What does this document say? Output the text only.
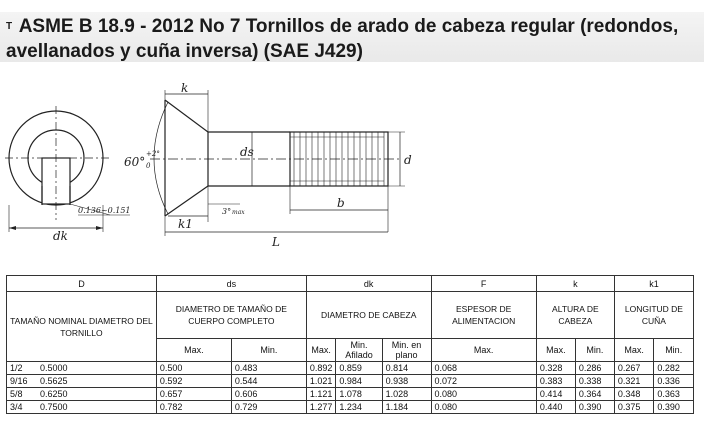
T ASME B 18.9 - 2012 No 7 Tornillos de arado de cabeza regular (redondos, avellanados y cuña inversa) (SAE J429)
k
60°
+2°
0
ds
d
b
0.136~0.151
dk
k1
3° max
L
D		ds		dk			F	k		k1	
TAMAÑO NOMINAL DIAMETRO DEL TORNILLO		DIAMETRO DE TAMAÑO DE CUERPO COMPLETO		DIAMETRO DE CABEZA			ESPESOR DE ALIMENTACION	ALTURA DE CABEZA		LONGITUD DE CUÑA	
		Max.	Min.	Max.	Min. Afilado	Min. en plano	Max.	Max.	Min.	Max.	Min.
1/2	0.5000	0.500	0.483	0.892	0.859	0.814	0.068	0.328	0.286	0.267	0.282
9/16	0.5625	0.592	0.544	1.021	0.984	0.938	0.072	0.383	0.338	0.321	0.336
5/8	0.6250	0.657	0.606	1.121	1.078	1.028	0.080	0.414	0.364	0.348	0.363
3/4	0.7500	0.782	0.729	1.277	1.234	1.184	0.080	0.440	0.390	0.375	0.390
